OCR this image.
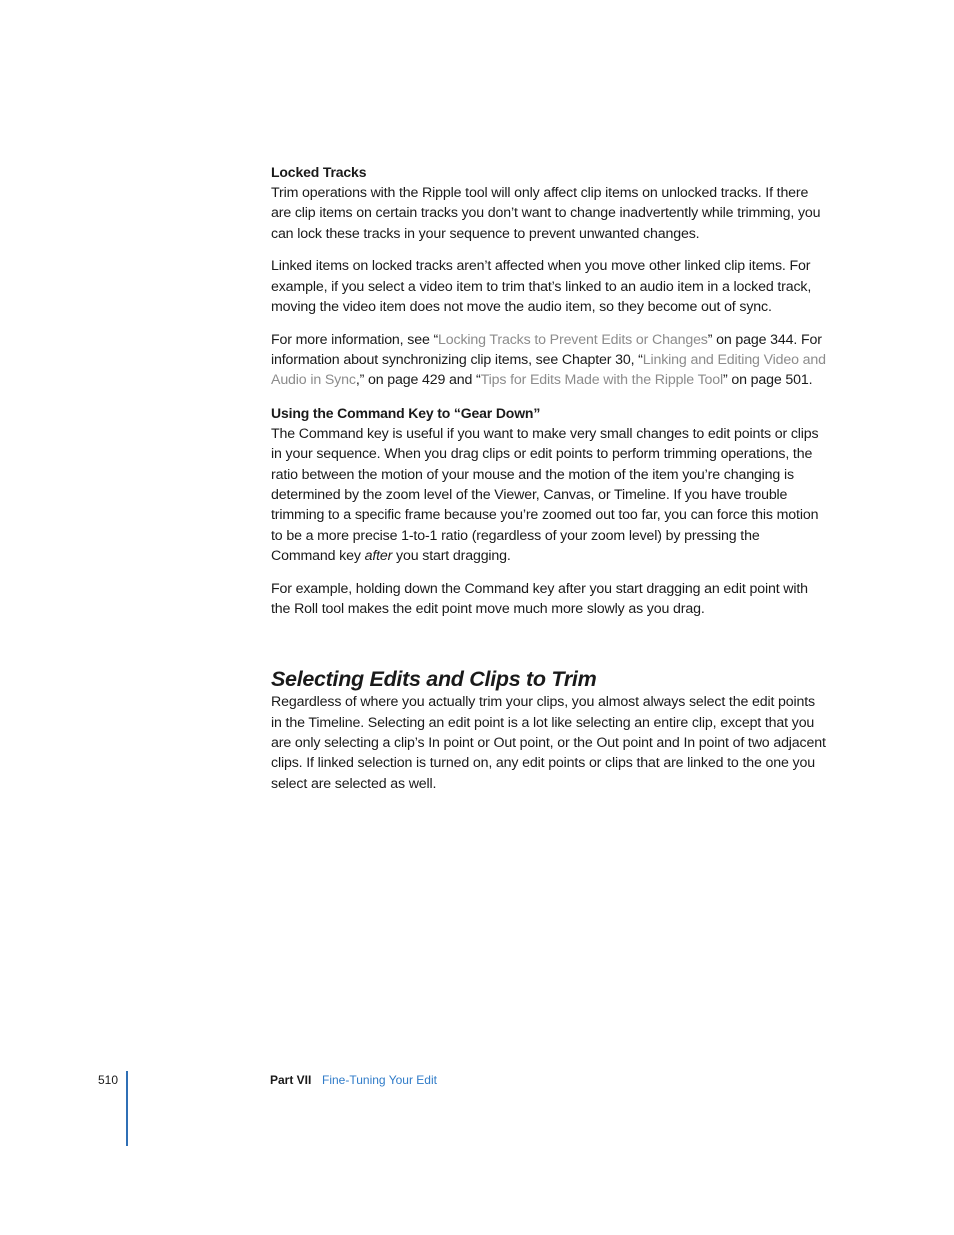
Locked Tracks

Trim operations with the Ripple tool will only affect clip items on unlocked tracks. If there are clip items on certain tracks you don’t want to change inadvertently while trimming, you can lock these tracks in your sequence to prevent unwanted changes.

Linked items on locked tracks aren’t affected when you move other linked clip items. For example, if you select a video item to trim that’s linked to an audio item in a locked track, moving the video item does not move the audio item, so they become out of sync.

For more information, see “Locking Tracks to Prevent Edits or Changes” on page 344. For information about synchronizing clip items, see Chapter 30, “Linking and Editing Video and Audio in Sync,” on page 429 and “Tips for Edits Made with the Ripple Tool” on page 501.

Using the Command Key to “Gear Down”

The Command key is useful if you want to make very small changes to edit points or clips in your sequence. When you drag clips or edit points to perform trimming operations, the ratio between the motion of your mouse and the motion of the item you’re changing is determined by the zoom level of the Viewer, Canvas, or Timeline. If you have trouble trimming to a specific frame because you’re zoomed out too far, you can force this motion to be a more precise 1-to-1 ratio (regardless of your zoom level) by pressing the Command key after you start dragging.

For example, holding down the Command key after you start dragging an edit point with the Roll tool makes the edit point move much more slowly as you drag.

Selecting Edits and Clips to Trim

Regardless of where you actually trim your clips, you almost always select the edit points in the Timeline. Selecting an edit point is a lot like selecting an entire clip, except that you are only selecting a clip’s In point or Out point, or the Out point and In point of two adjacent clips. If linked selection is turned on, any edit points or clips that are linked to the one you select are selected as well.

510	Part VII Fine-Tuning Your Edit
